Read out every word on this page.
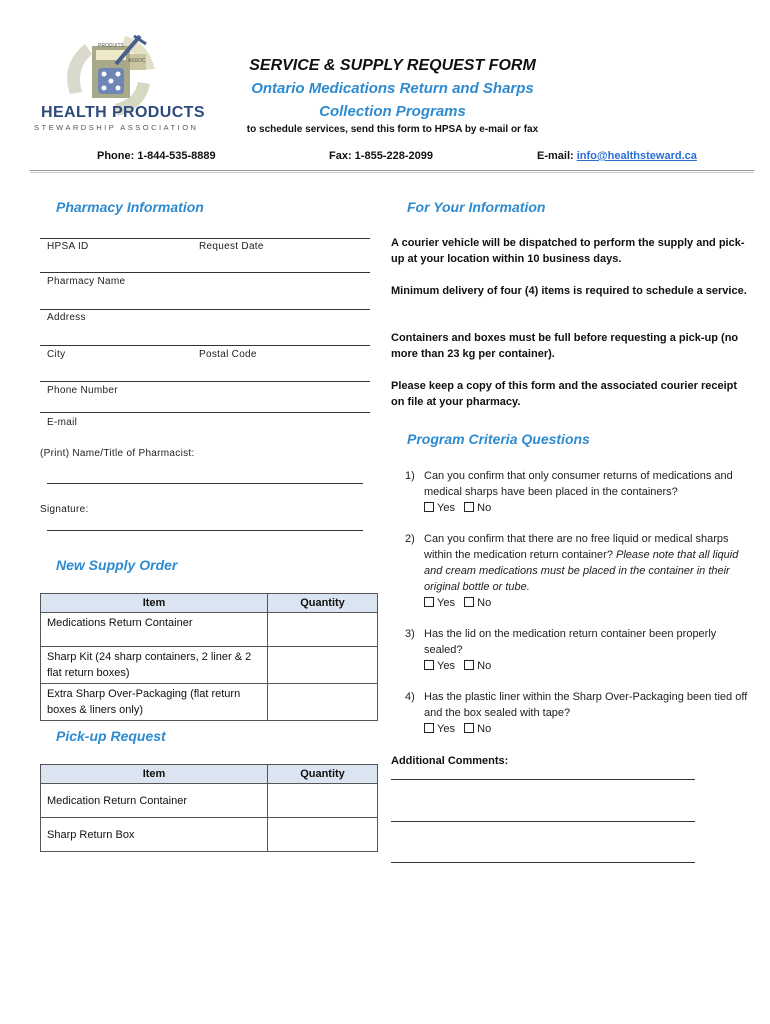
PRODUITS
ASSOC
HEALTH PRODUCTS
STEWARDSHIP ASSOCIATION
SERVICE & SUPPLY REQUEST FORM
Ontario Medications Return and Sharps
Collection Programs
to schedule services, send this form to HPSA by e-mail or fax
Phone: 1-844-535-8889	Fax: 1-855-228-2099	E-mail: info@healthsteward.ca
Pharmacy Information
HPSA ID	Request Date
Pharmacy Name
Address
City	Postal Code
Phone Number
E-mail
(Print) Name/Title of Pharmacist:
Signature:
New Supply Order
Item	Quantity
Medications Return Container	
Sharp Kit (24 sharp containers, 2 liner & 2 flat return boxes)	
Extra Sharp Over-Packaging (flat return boxes & liners only)	
Pick-up Request
Item	Quantity
Medication Return Container	
Sharp Return Box	
For Your Information
A courier vehicle will be dispatched to perform the supply and pick-up at your location within 10 business days.
Minimum delivery of four (4) items is required to schedule a service.
Containers and boxes must be full before requesting a pick-up (no more than 23 kg per container).
Please keep a copy of this form and the associated courier receipt on file at your pharmacy.
Program Criteria Questions
1) Can you confirm that only consumer returns of medications and medical sharps have been placed in the containers?
Yes No
2) Can you confirm that there are no free liquid or medical sharps within the medication return container? Please note that all liquid and cream medications must be placed in the container in their original bottle or tube.
Yes No
3) Has the lid on the medication return container been properly sealed?
Yes No
4) Has the plastic liner within the Sharp Over-Packaging been tied off and the box sealed with tape?
Yes No
Additional Comments:
